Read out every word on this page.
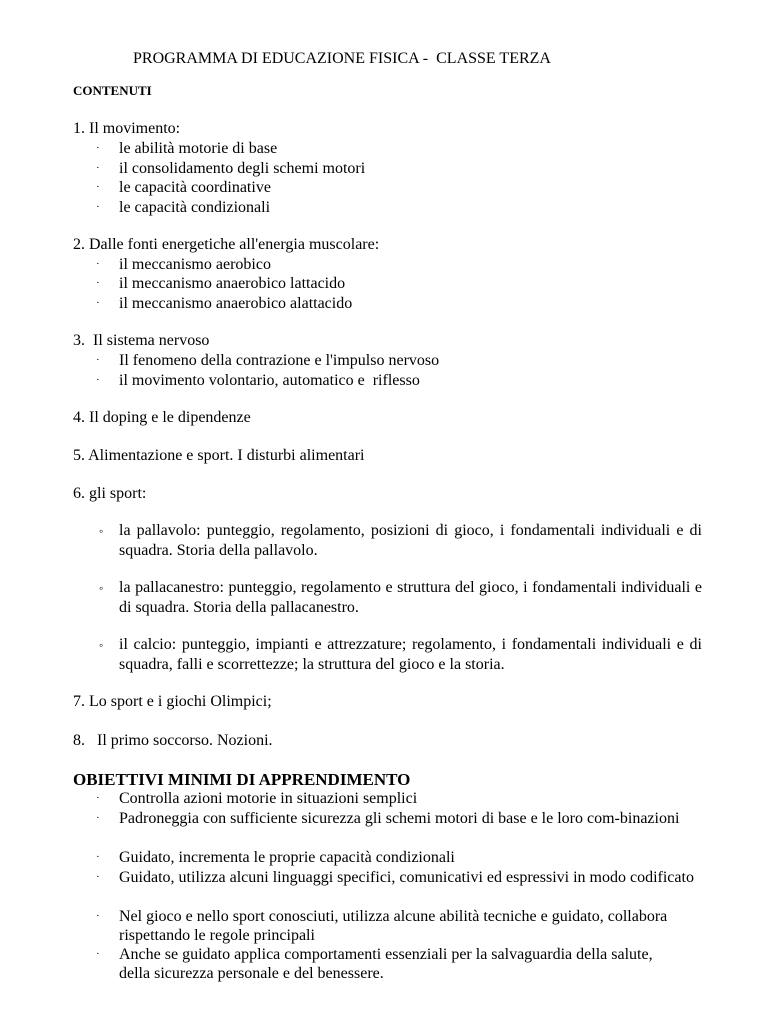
PROGRAMMA DI EDUCAZIONE FISICA -  CLASSE TERZA
CONTENUTI
1. Il movimento:
· le abilità motorie di base
· il consolidamento degli schemi motori
· le capacità coordinative
· le capacità condizionali
2. Dalle fonti energetiche all'energia muscolare:
· il meccanismo aerobico
· il meccanismo anaerobico lattacido
· il meccanismo anaerobico alattacido
3.  Il sistema nervoso
· Il fenomeno della contrazione e l'impulso nervoso
· il movimento volontario, automatico e  riflesso
4. Il doping e le dipendenze
5. Alimentazione e sport. I disturbi alimentari
6. gli sport:
◦ la pallavolo: punteggio, regolamento, posizioni di gioco, i fondamentali individuali e di squadra. Storia della pallavolo.
◦ la pallacanestro: punteggio, regolamento e struttura del gioco, i fondamentali individuali e di squadra. Storia della pallacanestro.
◦ il calcio: punteggio, impianti e attrezzature; regolamento, i fondamentali individuali e di squadra, falli e scorrettezze; la struttura del gioco e la storia.
7. Lo sport e i giochi Olimpici;
8.   Il primo soccorso. Nozioni.
OBIETTIVI MINIMI DI APPRENDIMENTO
· Controlla azioni motorie in situazioni semplici
· Padroneggia con sufficiente sicurezza gli schemi motori di base e le loro com-binazioni
· Guidato, incrementa le proprie capacità condizionali
· Guidato, utilizza alcuni linguaggi specifici, comunicativi ed espressivi in modo codificato
· Nel gioco e nello sport conosciuti, utilizza alcune abilità tecniche e guidato, collabora rispettando le regole principali
· Anche se guidato applica comportamenti essenziali per la salvaguardia della salute, della sicurezza personale e del benessere.
